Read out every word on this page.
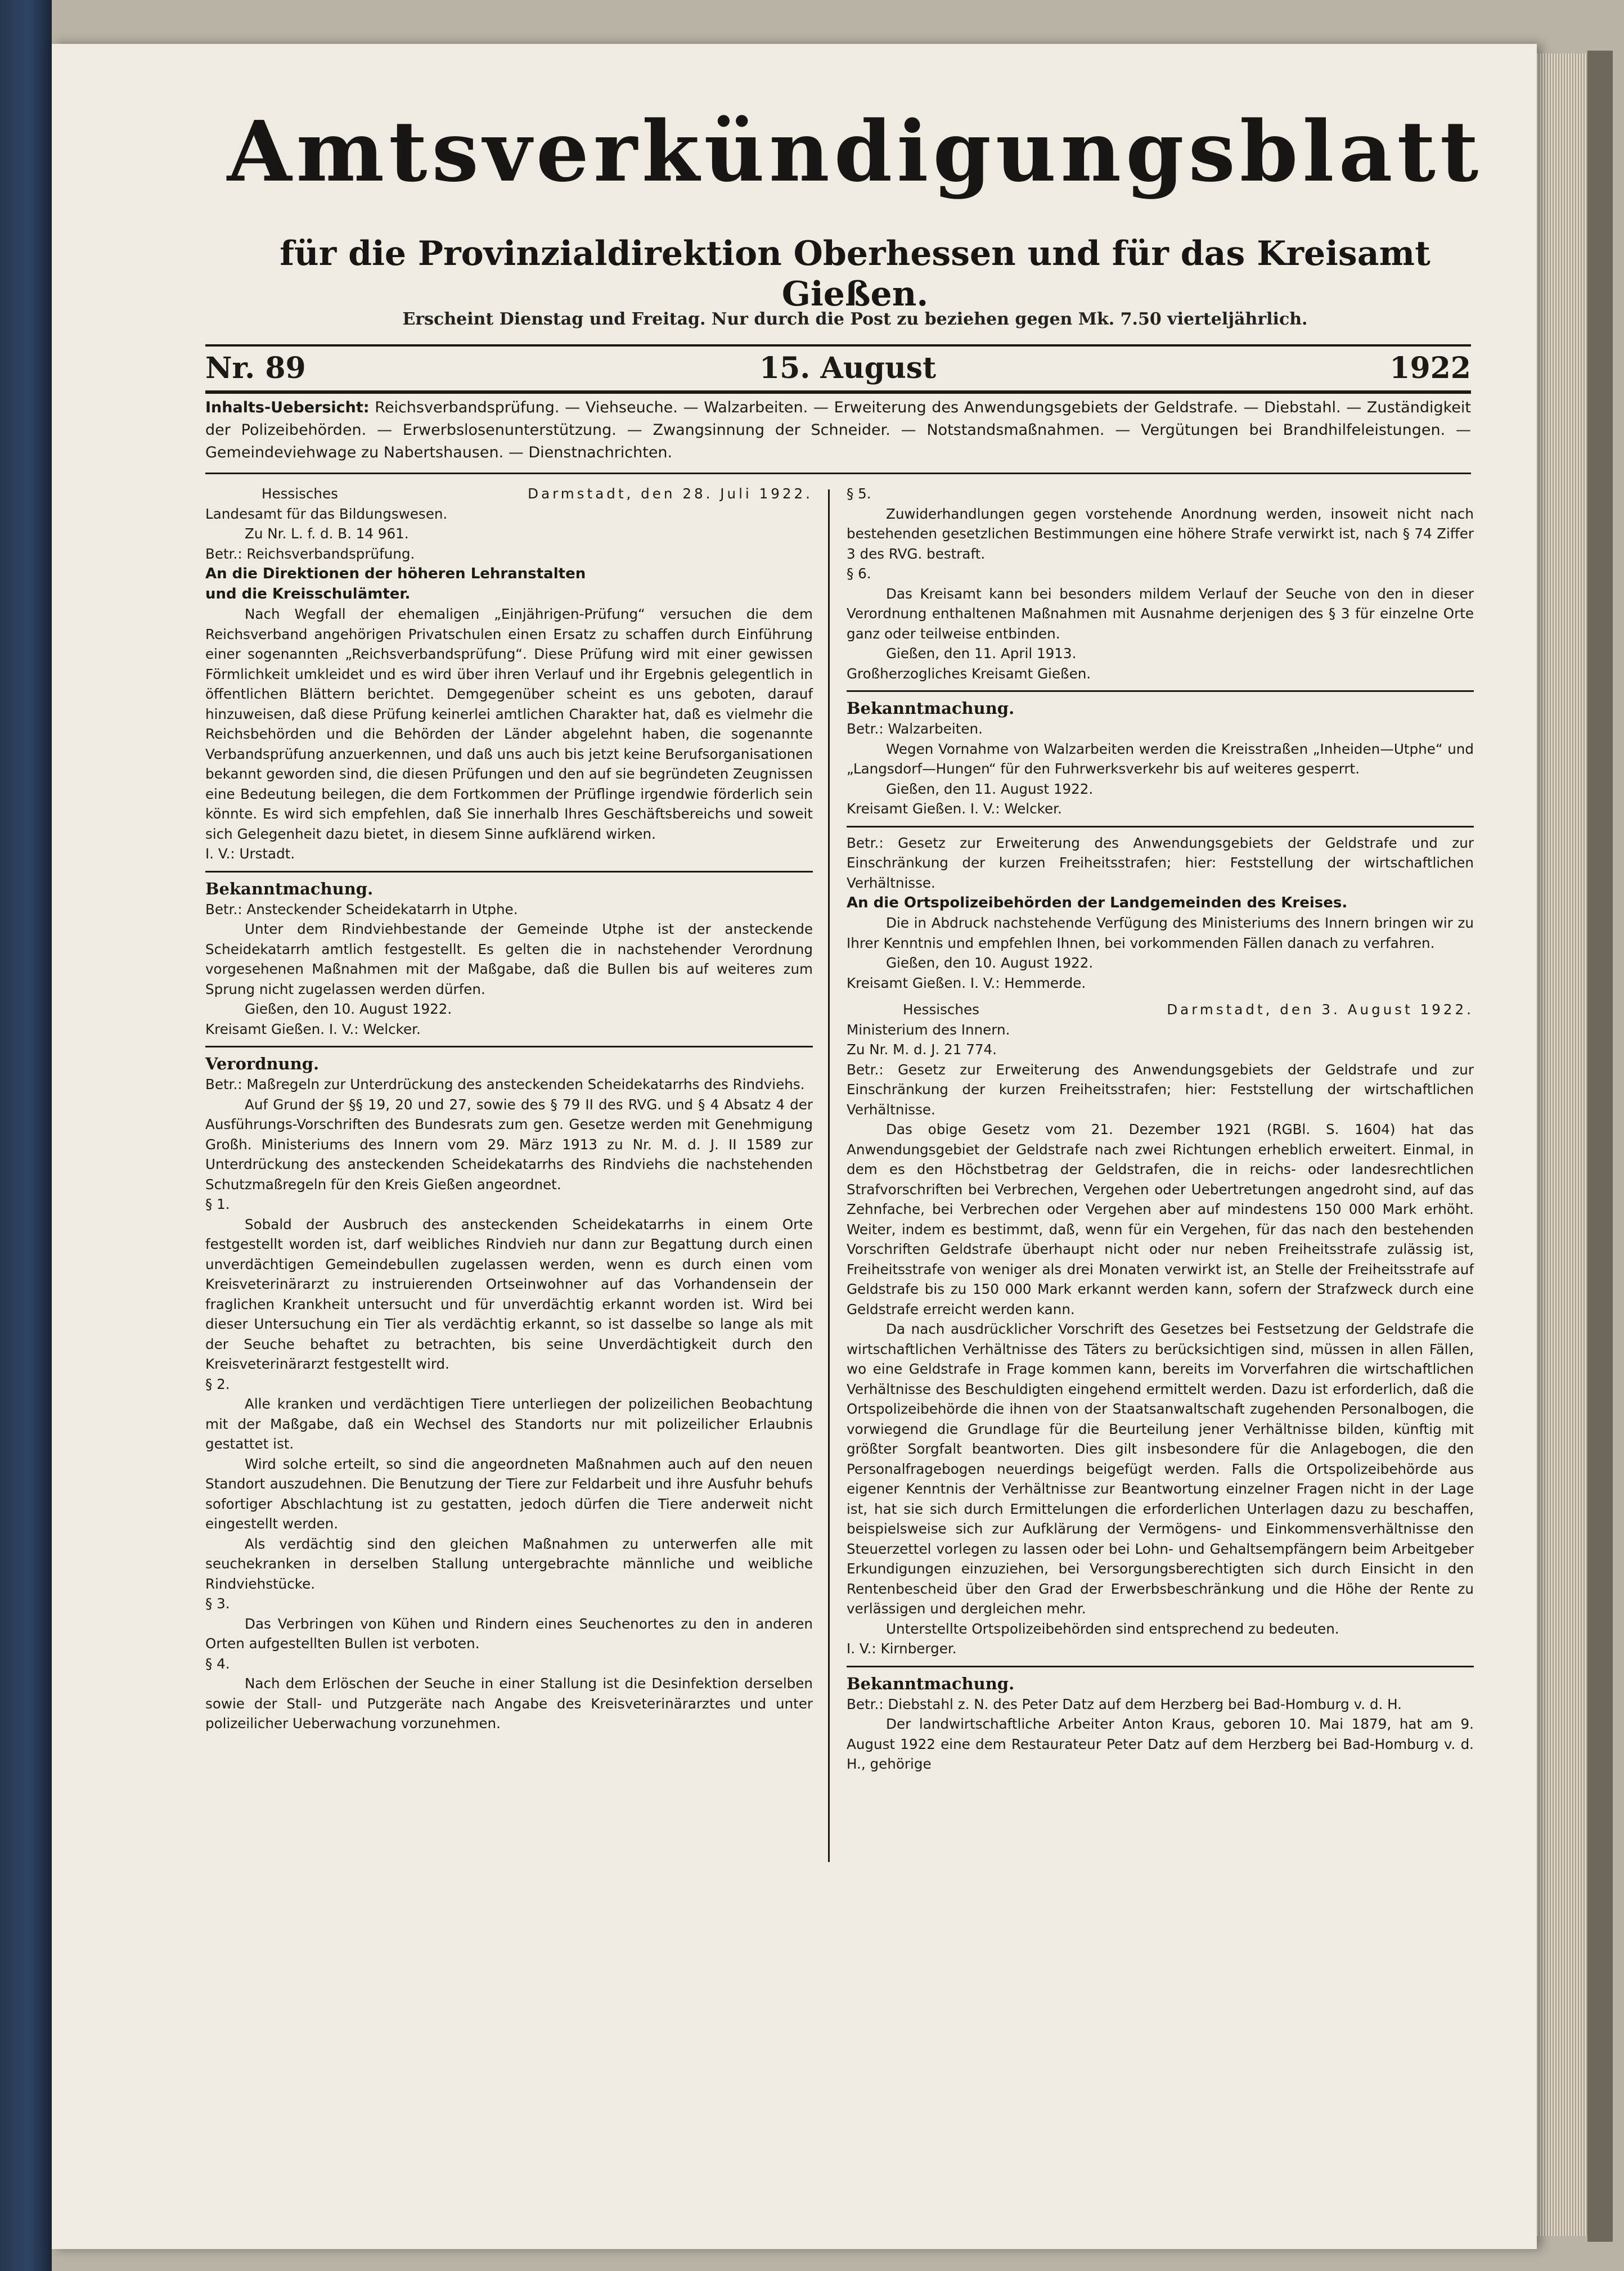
Amtsverkündigungsblatt
für die Provinzialdirektion Oberhessen und für das Kreisamt Gießen.
Erscheint Dienstag und Freitag. Nur durch die Post zu beziehen gegen Mk. 7.50 vierteljährlich.
Nr. 89	15. August	1922
Inhalts-Uebersicht: Reichsverbandsprüfung. — Viehseuche. — Walzarbeiten. — Erweiterung des Anwendungsgebiets der Geldstrafe. — Diebstahl. — Zuständigkeit der Polizeibehörden. — Erwerbslosenunterstützung. — Zwangsinnung der Schneider. — Notstandsmaßnahmen. — Vergütungen bei Brandhilfeleistungen. — Gemeindeviehwage zu Nabertshausen. — Dienstnachrichten.

Hessisches	Darmstadt, den 28. Juli 1922.

Landesamt für das Bildungswesen.

Zu Nr. L. f. d. B. 14 961.

Betr.: Reichsverbandsprüfung.

An die Direktionen der höheren Lehranstalten

und die Kreisschulämter.

Nach Wegfall der ehemaligen „Einjährigen-Prüfung“ versuchen die dem Reichsverband angehörigen Privatschulen einen Ersatz zu schaffen durch Einführung einer sogenannten „Reichsverbandsprüfung“. Diese Prüfung wird mit einer gewissen Förmlichkeit umkleidet und es wird über ihren Verlauf und ihr Ergebnis gelegentlich in öffentlichen Blättern berichtet. Demgegenüber scheint es uns geboten, darauf hinzuweisen, daß diese Prüfung keinerlei amtlichen Charakter hat, daß es vielmehr die Reichsbehörden und die Behörden der Länder abgelehnt haben, die sogenannte Verbandsprüfung anzuerkennen, und daß uns auch bis jetzt keine Berufsorganisationen bekannt geworden sind, die diesen Prüfungen und den auf sie begründeten Zeugnissen eine Bedeutung beilegen, die dem Fortkommen der Prüflinge irgendwie förderlich sein könnte. Es wird sich empfehlen, daß Sie innerhalb Ihres Geschäftsbereichs und soweit sich Gelegenheit dazu bietet, in diesem Sinne aufklärend wirken.

I. V.: Urstadt.

Bekanntmachung.

Betr.: Ansteckender Scheidekatarrh in Utphe.

Unter dem Rindviehbestande der Gemeinde Utphe ist der ansteckende Scheidekatarrh amtlich festgestellt. Es gelten die in nachstehender Verordnung vorgesehenen Maßnahmen mit der Maßgabe, daß die Bullen bis auf weiteres zum Sprung nicht zugelassen werden dürfen.

Gießen, den 10. August 1922.

Kreisamt Gießen. I. V.: Welcker.

Verordnung.

Betr.: Maßregeln zur Unterdrückung des ansteckenden Scheidekatarrhs des Rindviehs.

Auf Grund der §§ 19, 20 und 27, sowie des § 79 II des RVG. und § 4 Absatz 4 der Ausführungs-Vorschriften des Bundesrats zum gen. Gesetze werden mit Genehmigung Großh. Ministeriums des Innern vom 29. März 1913 zu Nr. M. d. J. II 1589 zur Unterdrückung des ansteckenden Scheidekatarrhs des Rindviehs die nachstehenden Schutzmaßregeln für den Kreis Gießen angeordnet.

§ 1.

Sobald der Ausbruch des ansteckenden Scheidekatarrhs in einem Orte festgestellt worden ist, darf weibliches Rindvieh nur dann zur Begattung durch einen unverdächtigen Gemeindebullen zugelassen werden, wenn es durch einen vom Kreisveterinärarzt zu instruierenden Ortseinwohner auf das Vorhandensein der fraglichen Krankheit untersucht und für unverdächtig erkannt worden ist. Wird bei dieser Untersuchung ein Tier als verdächtig erkannt, so ist dasselbe so lange als mit der Seuche behaftet zu betrachten, bis seine Unverdächtigkeit durch den Kreisveterinärarzt festgestellt wird.

§ 2.

Alle kranken und verdächtigen Tiere unterliegen der polizeilichen Beobachtung mit der Maßgabe, daß ein Wechsel des Standorts nur mit polizeilicher Erlaubnis gestattet ist.

Wird solche erteilt, so sind die angeordneten Maßnahmen auch auf den neuen Standort auszudehnen. Die Benutzung der Tiere zur Feldarbeit und ihre Ausfuhr behufs sofortiger Abschlachtung ist zu gestatten, jedoch dürfen die Tiere anderweit nicht eingestellt werden.

Als verdächtig sind den gleichen Maßnahmen zu unterwerfen alle mit seuchekranken in derselben Stallung untergebrachte männliche und weibliche Rindviehstücke.

§ 3.

Das Verbringen von Kühen und Rindern eines Seuchenortes zu den in anderen Orten aufgestellten Bullen ist verboten.

§ 4.

Nach dem Erlöschen der Seuche in einer Stallung ist die Desinfektion derselben sowie der Stall- und Putzgeräte nach Angabe des Kreisveterinärarztes und unter polizeilicher Ueberwachung vorzunehmen.

§ 5.

Zuwiderhandlungen gegen vorstehende Anordnung werden, insoweit nicht nach bestehenden gesetzlichen Bestimmungen eine höhere Strafe verwirkt ist, nach § 74 Ziffer 3 des RVG. bestraft.

§ 6.

Das Kreisamt kann bei besonders mildem Verlauf der Seuche von den in dieser Verordnung enthaltenen Maßnahmen mit Ausnahme derjenigen des § 3 für einzelne Orte ganz oder teilweise entbinden.

Gießen, den 11. April 1913.

Großherzogliches Kreisamt Gießen.

Bekanntmachung.

Betr.: Walzarbeiten.

Wegen Vornahme von Walzarbeiten werden die Kreisstraßen „Inheiden—Utphe“ und „Langsdorf—Hungen“ für den Fuhrwerksverkehr bis auf weiteres gesperrt.

Gießen, den 11. August 1922.

Kreisamt Gießen. I. V.: Welcker.

Betr.: Gesetz zur Erweiterung des Anwendungsgebiets der Geldstrafe und zur Einschränkung der kurzen Freiheitsstrafen; hier: Feststellung der wirtschaftlichen Verhältnisse.

An die Ortspolizeibehörden der Landgemeinden des Kreises.

Die in Abdruck nachstehende Verfügung des Ministeriums des Innern bringen wir zu Ihrer Kenntnis und empfehlen Ihnen, bei vorkommenden Fällen danach zu verfahren.

Gießen, den 10. August 1922.

Kreisamt Gießen. I. V.: Hemmerde.

Hessisches	Darmstadt, den 3. August 1922.

Ministerium des Innern.

Zu Nr. M. d. J. 21 774.

Betr.: Gesetz zur Erweiterung des Anwendungsgebiets der Geldstrafe und zur Einschränkung der kurzen Freiheitsstrafen; hier: Feststellung der wirtschaftlichen Verhältnisse.

Das obige Gesetz vom 21. Dezember 1921 (RGBl. S. 1604) hat das Anwendungsgebiet der Geldstrafe nach zwei Richtungen erheblich erweitert. Einmal, in dem es den Höchstbetrag der Geldstrafen, die in reichs- oder landesrechtlichen Strafvorschriften bei Verbrechen, Vergehen oder Uebertretungen angedroht sind, auf das Zehnfache, bei Verbrechen oder Vergehen aber auf mindestens 150 000 Mark erhöht. Weiter, indem es bestimmt, daß, wenn für ein Vergehen, für das nach den bestehenden Vorschriften Geldstrafe überhaupt nicht oder nur neben Freiheitsstrafe zulässig ist, Freiheitsstrafe von weniger als drei Monaten verwirkt ist, an Stelle der Freiheitsstrafe auf Geldstrafe bis zu 150 000 Mark erkannt werden kann, sofern der Strafzweck durch eine Geldstrafe erreicht werden kann.

Da nach ausdrücklicher Vorschrift des Gesetzes bei Festsetzung der Geldstrafe die wirtschaftlichen Verhältnisse des Täters zu berücksichtigen sind, müssen in allen Fällen, wo eine Geldstrafe in Frage kommen kann, bereits im Vorverfahren die wirtschaftlichen Verhältnisse des Beschuldigten eingehend ermittelt werden. Dazu ist erforderlich, daß die Ortspolizeibehörde die ihnen von der Staatsanwaltschaft zugehenden Personalbogen, die vorwiegend die Grundlage für die Beurteilung jener Verhältnisse bilden, künftig mit größter Sorgfalt beantworten. Dies gilt insbesondere für die Anlagebogen, die den Personalfragebogen neuerdings beigefügt werden. Falls die Ortspolizeibehörde aus eigener Kenntnis der Verhältnisse zur Beantwortung einzelner Fragen nicht in der Lage ist, hat sie sich durch Ermittelungen die erforderlichen Unterlagen dazu zu beschaffen, beispielsweise sich zur Aufklärung der Vermögens- und Einkommensverhältnisse den Steuerzettel vorlegen zu lassen oder bei Lohn- und Gehaltsempfängern beim Arbeitgeber Erkundigungen einzuziehen, bei Versorgungsberechtigten sich durch Einsicht in den Rentenbescheid über den Grad der Erwerbsbeschränkung und die Höhe der Rente zu verlässigen und dergleichen mehr.

Unterstellte Ortspolizeibehörden sind entsprechend zu bedeuten.

I. V.: Kirnberger.

Bekanntmachung.

Betr.: Diebstahl z. N. des Peter Datz auf dem Herzberg bei Bad-Homburg v. d. H.

Der landwirtschaftliche Arbeiter Anton Kraus, geboren 10. Mai 1879, hat am 9. August 1922 eine dem Restaurateur Peter Datz auf dem Herzberg bei Bad-Homburg v. d. H., gehörige
